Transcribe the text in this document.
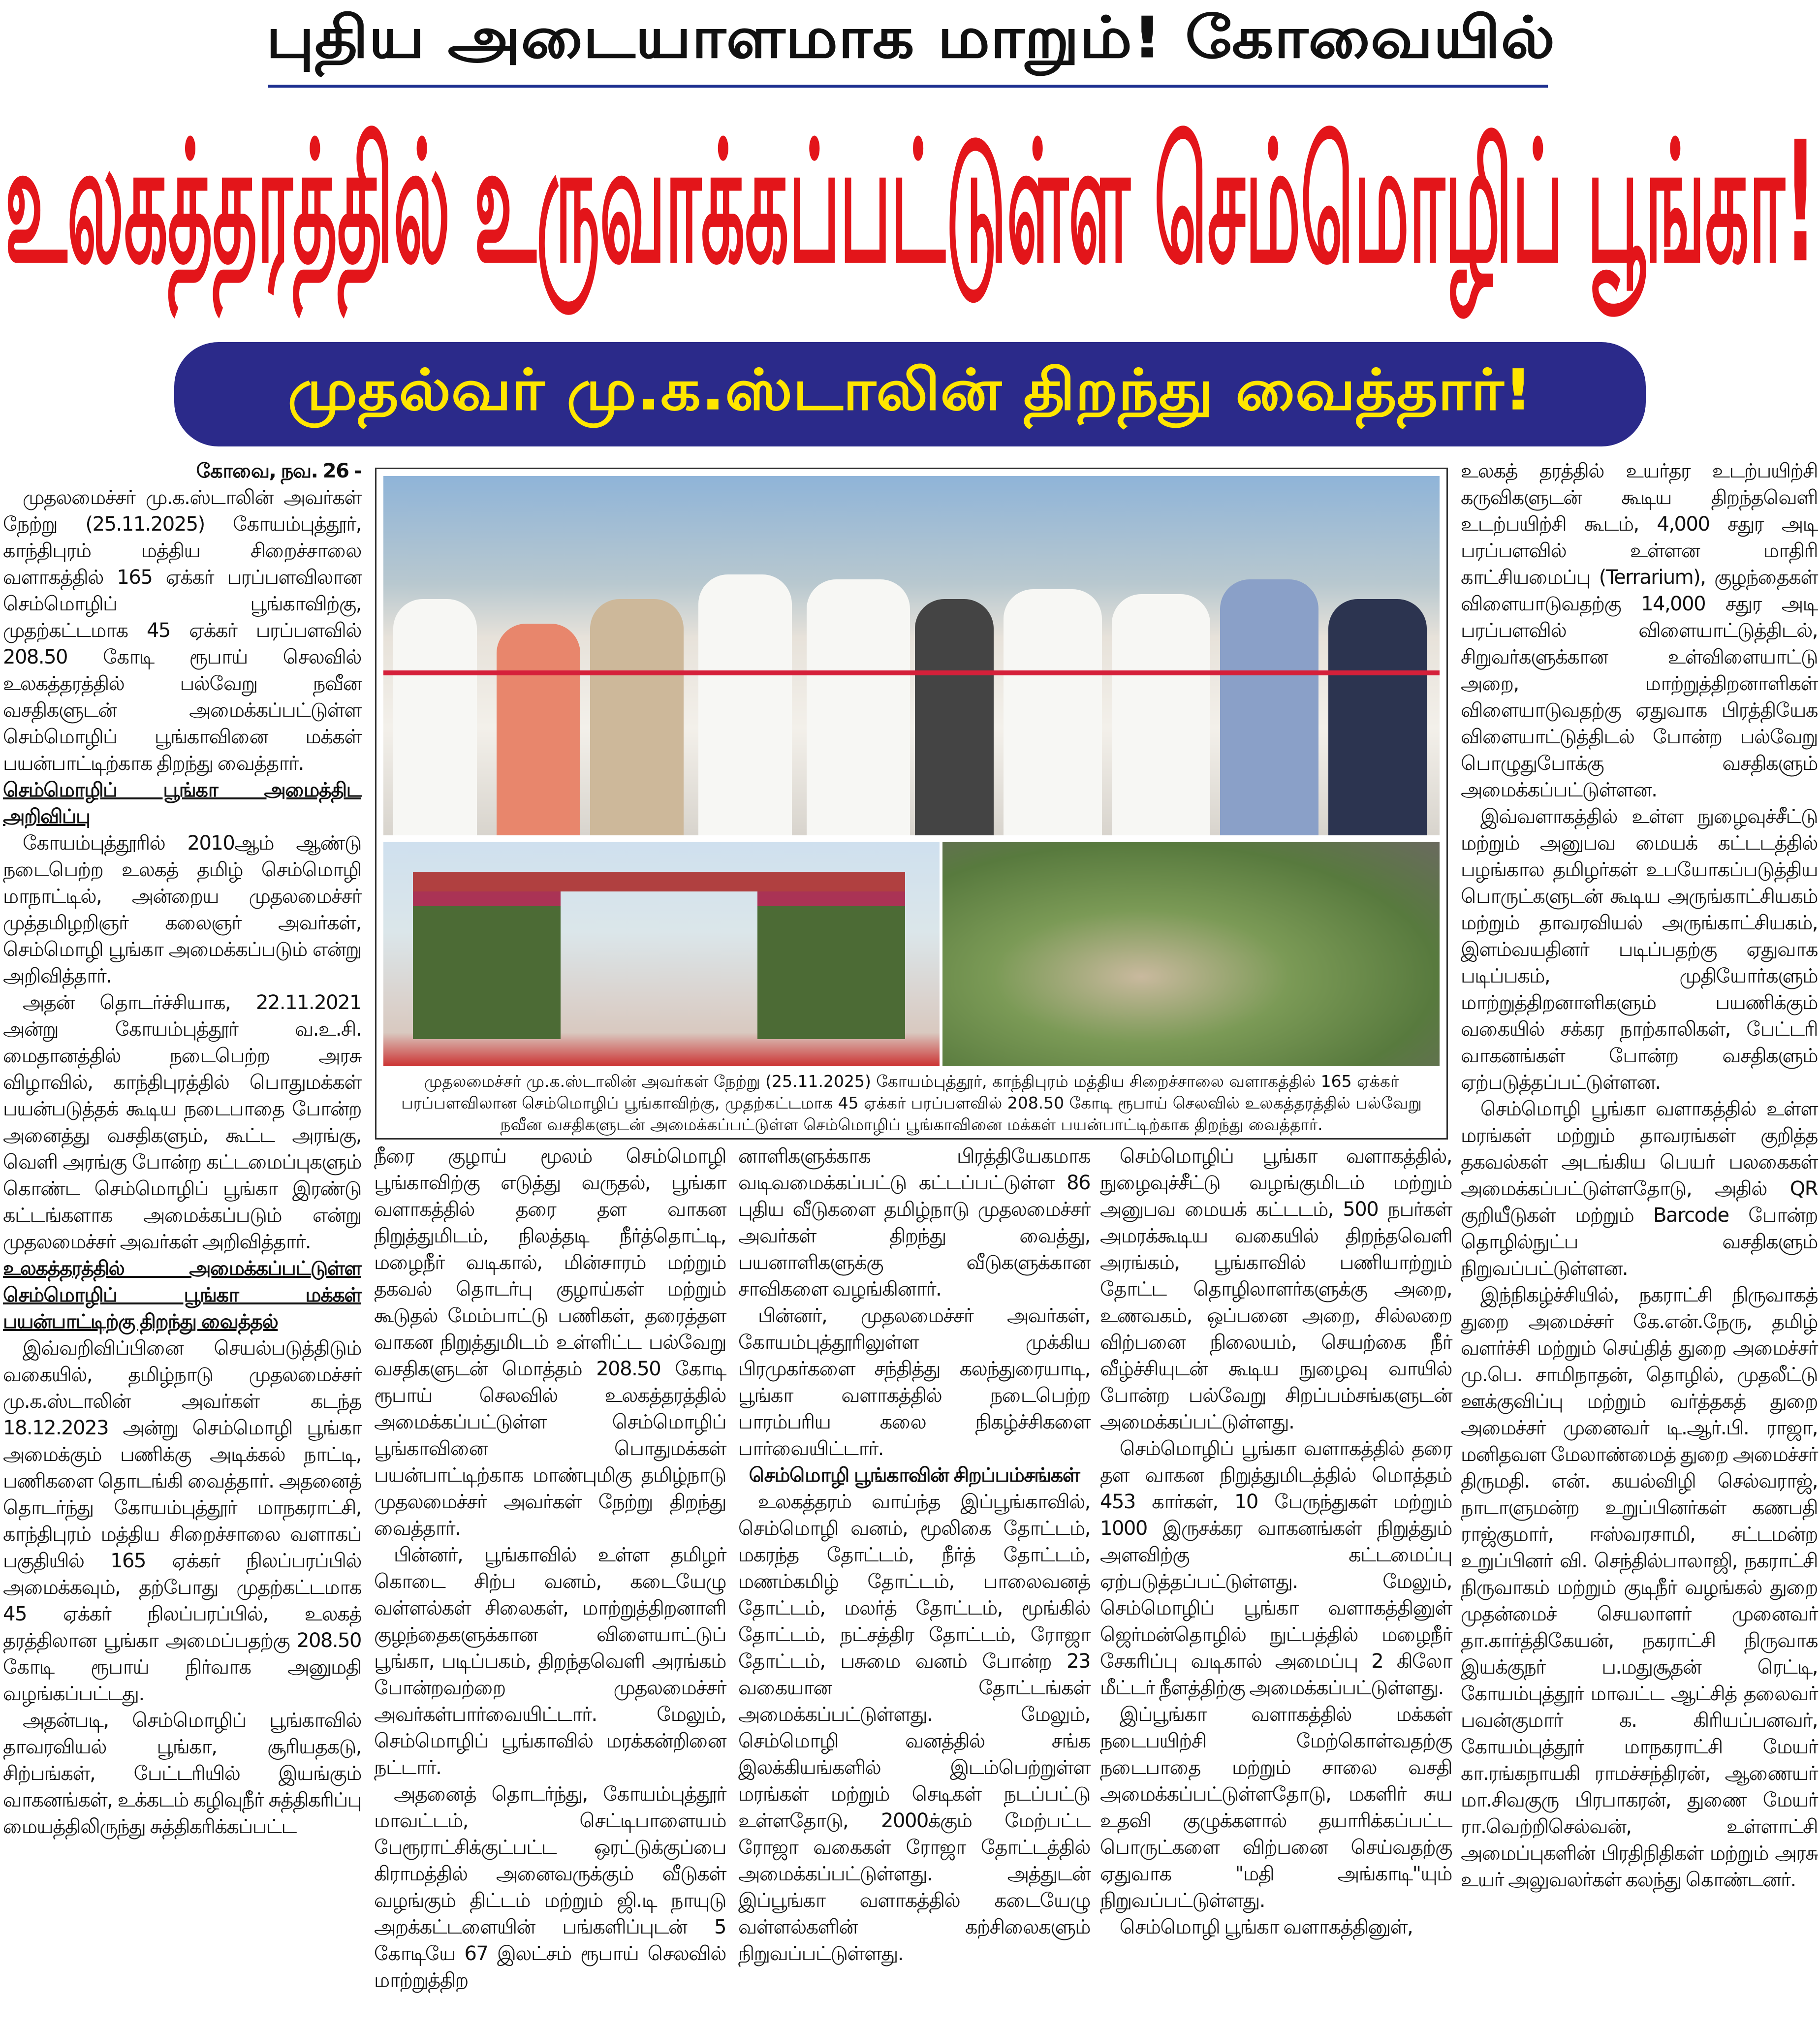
புதிய அடையாளமாக மாறும்! கோவையில்
உலகத்தரத்தில் உருவாக்கப்பட்டுள்ள செம்மொழிப் பூங்கா!
முதல்வர் மு.க.ஸ்டாலின் திறந்து வைத்தார்!
கோவை, நவ. 26 -

முதலமைச்சர் மு.க.ஸ்டாலின் அவர்கள் நேற்று (25.11.2025) கோயம்புத்தூர், காந்திபுரம் மத்திய சிறைச்சாலை வளாகத்தில் 165 ஏக்கர் பரப்பளவிலான செம்மொழிப் பூங்காவிற்கு, முதற்கட்டமாக 45 ஏக்கர் பரப்பளவில் 208.50 கோடி ரூபாய் செலவில் உலகத்தரத்தில் பல்வேறு நவீன வசதிகளுடன் அமைக்கப்பட்டுள்ள செம்மொழிப் பூங்காவினை மக்கள் பயன்பாட்டிற்காக திறந்து வைத்தார்.

செம்மொழிப் பூங்கா அமைத்திட அறிவிப்பு

கோயம்புத்தூரில் 2010ஆம் ஆண்டு நடைபெற்ற உலகத் தமிழ் செம்மொழி மாநாட்டில், அன்றைய முதலமைச்சர் முத்தமிழறிஞர் கலைஞர் அவர்கள், செம்மொழி பூங்கா அமைக்கப்படும் என்று அறிவித்தார்.

அதன் தொடர்ச்சியாக, 22.11.2021 அன்று கோயம்புத்தூர் வ.உ.சி. மைதானத்தில் நடைபெற்ற அரசு விழாவில், காந்திபுரத்தில் பொதுமக்கள் பயன்படுத்தக் கூடிய நடைபாதை போன்ற அனைத்து வசதிகளும், கூட்ட அரங்கு, வெளி அரங்கு போன்ற கட்டமைப்புகளும் கொண்ட செம்மொழிப் பூங்கா இரண்டு கட்டங்களாக அமைக்கப்படும் என்று முதலமைச்சர் அவர்கள் அறிவித்தார்.

உலகத்தரத்தில் அமைக்கப்பட்டுள்ள செம்மொழிப் பூங்கா மக்கள் பயன்பாட்டிற்கு திறந்து வைத்தல்

இவ்வறிவிப்பினை செயல்படுத்திடும் வகையில், தமிழ்நாடு முதலமைச்சர் மு.க.ஸ்டாலின் அவர்கள் கடந்த 18.12.2023 அன்று செம்மொழி பூங்கா அமைக்கும் பணிக்கு அடிக்கல் நாட்டி, பணிகளை தொடங்கி வைத்தார். அதனைத் தொடர்ந்து கோயம்புத்தூர் மாநகராட்சி, காந்திபுரம் மத்திய சிறைச்சாலை வளாகப் பகுதியில் 165 ஏக்கர் நிலப்பரப்பில் அமைக்கவும், தற்போது முதற்கட்டமாக 45 ஏக்கர் நிலப்பரப்பில், உலகத் தரத்திலான பூங்கா அமைப்பதற்கு 208.50 கோடி ரூபாய் நிர்வாக அனுமதி வழங்கப்பட்டது.

அதன்படி, செம்மொழிப் பூங்காவில் தாவரவியல் பூங்கா, சூரியதகடு, சிற்பங்கள், பேட்டரியில் இயங்கும் வாகனங்கள், உக்கடம் கழிவுநீர் சுத்திகரிப்பு மையத்திலிருந்து சுத்திகரிக்கப்பட்ட

முதலமைச்சர் மு.க.ஸ்டாலின் அவர்கள் நேற்று (25.11.2025) கோயம்புத்தூர், காந்திபுரம் மத்திய சிறைச்சாலை வளாகத்தில் 165 ஏக்கர் பரப்பளவிலான செம்மொழிப் பூங்காவிற்கு, முதற்கட்டமாக 45 ஏக்கர் பரப்பளவில் 208.50 கோடி ரூபாய் செலவில் உலகத்தரத்தில் பல்வேறு நவீன வசதிகளுடன் அமைக்கப்பட்டுள்ள செம்மொழிப் பூங்காவினை மக்கள் பயன்பாட்டிற்காக திறந்து வைத்தார்.

நீரை குழாய் மூலம் செம்மொழி பூங்காவிற்கு எடுத்து வருதல், பூங்கா வளாகத்தில் தரை தள வாகன நிறுத்துமிடம், நிலத்தடி நீர்த்தொட்டி, மழைநீர் வடிகால், மின்சாரம் மற்றும் தகவல் தொடர்பு குழாய்கள் மற்றும் கூடுதல் மேம்பாட்டு பணிகள், தரைத்தள வாகன நிறுத்துமிடம் உள்ளிட்ட பல்வேறு வசதிகளுடன் மொத்தம் 208.50 கோடி ரூபாய் செலவில் உலகத்தரத்தில் அமைக்கப்பட்டுள்ள செம்மொழிப் பூங்காவினை பொதுமக்கள் பயன்பாட்டிற்காக மாண்புமிகு தமிழ்நாடு முதலமைச்சர் அவர்கள் நேற்று திறந்து வைத்தார்.

பின்னர், பூங்காவில் உள்ள தமிழர் கொடை சிற்ப வனம், கடையேழு வள்ளல்கள் சிலைகள், மாற்றுத்திறனாளி குழந்தைகளுக்கான விளையாட்டுப் பூங்கா, படிப்பகம், திறந்தவெளி அரங்கம் போன்றவற்றை முதலமைச்சர் அவர்கள்பார்வையிட்டார். மேலும், செம்மொழிப் பூங்காவில் மரக்கன்றினை நட்டார்.

அதனைத் தொடர்ந்து, கோயம்புத்தூர் மாவட்டம், செட்டிபாளையம் பேரூராட்சிக்குட்பட்ட ஒரட்டுக்குப்பை கிராமத்தில் அனைவருக்கும் வீடுகள் வழங்கும் திட்டம் மற்றும் ஜி.டி நாயுடு அறக்கட்டளையின் பங்களிப்புடன் 5 கோடியே 67 இலட்சம் ரூபாய் செலவில் மாற்றுத்திற

னாளிகளுக்காக பிரத்தியேகமாக வடிவமைக்கப்பட்டு கட்டப்பட்டுள்ள 86 புதிய வீடுகளை தமிழ்நாடு முதலமைச்சர் அவர்கள் திறந்து வைத்து, பயனாளிகளுக்கு வீடுகளுக்கான சாவிகளை வழங்கினார்.

பின்னர், முதலமைச்சர் அவர்கள், கோயம்புத்தூரிலுள்ள முக்கிய பிரமுகர்களை சந்தித்து கலந்துரையாடி, பூங்கா வளாகத்தில் நடைபெற்ற பாரம்பரிய கலை நிகழ்ச்சிகளை பார்வையிட்டார்.

செம்மொழி பூங்காவின் சிறப்பம்சங்கள்

உலகத்தரம் வாய்ந்த இப்பூங்காவில், செம்மொழி வனம், மூலிகை தோட்டம், மகரந்த தோட்டம், நீர்த் தோட்டம், மணம்கமிழ் தோட்டம், பாலைவனத் தோட்டம், மலர்த் தோட்டம், மூங்கில் தோட்டம், நட்சத்திர தோட்டம், ரோஜா தோட்டம், பசுமை வனம் போன்ற 23 வகையான தோட்டங்கள் அமைக்கப்பட்டுள்ளது. மேலும், செம்மொழி வனத்தில் சங்க இலக்கியங்களில் இடம்பெற்றுள்ள மரங்கள் மற்றும் செடிகள் நடப்பட்டு உள்ளதோடு, 2000க்கும் மேற்பட்ட ரோஜா வகைகள் ரோஜா தோட்டத்தில் அமைக்கப்பட்டுள்ளது. அத்துடன் இப்பூங்கா வளாகத்தில் கடையேழு வள்ளல்களின் கற்சிலைகளும் நிறுவப்பட்டுள்ளது.

செம்மொழிப் பூங்கா வளாகத்தில், நுழைவுச்சீட்டு வழங்குமிடம் மற்றும் அனுபவ மையக் கட்டடம், 500 நபர்கள் அமரக்கூடிய வகையில் திறந்தவெளி அரங்கம், பூங்காவில் பணியாற்றும் தோட்ட தொழிலாளர்களுக்கு அறை, உணவகம், ஒப்பனை அறை, சில்லறை விற்பனை நிலையம், செயற்கை நீர் வீழ்ச்சியுடன் கூடிய நுழைவு வாயில் போன்ற பல்வேறு சிறப்பம்சங்களுடன் அமைக்கப்பட்டுள்ளது.

செம்மொழிப் பூங்கா வளாகத்தில் தரை தள வாகன நிறுத்துமிடத்தில் மொத்தம் 453 கார்கள், 10 பேருந்துகள் மற்றும் 1000 இருசக்கர வாகனங்கள் நிறுத்தும் அளவிற்கு கட்டமைப்பு ஏற்படுத்தப்பட்டுள்ளது. மேலும், செம்மொழிப் பூங்கா வளாகத்தினுள் ஜெர்மன்தொழில் நுட்பத்தில் மழைநீர் சேகரிப்பு வடிகால் அமைப்பு 2 கிலோ மீட்டர் நீளத்திற்கு அமைக்கப்பட்டுள்ளது.

இப்பூங்கா வளாகத்தில் மக்கள் நடைபயிற்சி மேற்கொள்வதற்கு நடைபாதை மற்றும் சாலை வசதி அமைக்கப்பட்டுள்ளதோடு, மகளிர் சுய உதவி குழுக்களால் தயாரிக்கப்பட்ட பொருட்களை விற்பனை செய்வதற்கு ஏதுவாக "மதி அங்காடி"யும் நிறுவப்பட்டுள்ளது.

செம்மொழி பூங்கா வளாகத்தினுள்,

உலகத் தரத்தில் உயர்தர உடற்பயிற்சி கருவிகளுடன் கூடிய திறந்தவெளி உடற்பயிற்சி கூடம், 4,000 சதுர அடி பரப்பளவில் உள்ளன மாதிரி காட்சியமைப்பு (Terrarium), குழந்தைகள் விளையாடுவதற்கு 14,000 சதுர அடி பரப்பளவில் விளையாட்டுத்திடல், சிறுவர்களுக்கான உள்விளையாட்டு அறை, மாற்றுத்திறனாளிகள் விளையாடுவதற்கு ஏதுவாக பிரத்தியேக விளையாட்டுத்திடல் போன்ற பல்வேறு பொழுதுபோக்கு வசதிகளும் அமைக்கப்பட்டுள்ளன.

இவ்வளாகத்தில் உள்ள நுழைவுச்சீட்டு மற்றும் அனுபவ மையக் கட்டடத்தில் பழங்கால தமிழர்கள் உபயோகப்படுத்திய பொருட்களுடன் கூடிய அருங்காட்சியகம் மற்றும் தாவரவியல் அருங்காட்சியகம், இளம்வயதினர் படிப்பதற்கு ஏதுவாக படிப்பகம், முதியோர்களும் மாற்றுத்திறனாளிகளும் பயணிக்கும் வகையில் சக்கர நாற்காலிகள், பேட்டரி வாகனங்கள் போன்ற வசதிகளும் ஏற்படுத்தப்பட்டுள்ளன.

செம்மொழி பூங்கா வளாகத்தில் உள்ள மரங்கள் மற்றும் தாவரங்கள் குறித்த தகவல்கள் அடங்கிய பெயர் பலகைகள் அமைக்கப்பட்டுள்ளதோடு, அதில் QR குறியீடுகள் மற்றும் Barcode போன்ற தொழில்நுட்ப வசதிகளும் நிறுவப்பட்டுள்ளன.

இந்நிகழ்ச்சியில், நகராட்சி நிருவாகத் துறை அமைச்சர் கே.என்.நேரு, தமிழ் வளர்ச்சி மற்றும் செய்தித் துறை அமைச்சர் மு.பெ. சாமிநாதன், தொழில், முதலீட்டு ஊக்குவிப்பு மற்றும் வர்த்தகத் துறை அமைச்சர் முனைவர் டி.ஆர்.பி. ராஜா, மனிதவள மேலாண்மைத் துறை அமைச்சர் திருமதி. என். கயல்விழி செல்வராஜ், நாடாளுமன்ற உறுப்பினர்கள் கணபதி ராஜ்குமார், ஈஸ்வரசாமி, சட்டமன்ற உறுப்பினர் வி. செந்தில்பாலாஜி, நகராட்சி நிருவாகம் மற்றும் குடிநீர் வழங்கல் துறை முதன்மைச் செயலாளர் முனைவர் தா.கார்த்திகேயன், நகராட்சி நிருவாக இயக்குநர் ப.மதுசூதன் ரெட்டி, கோயம்புத்தூர் மாவட்ட ஆட்சித் தலைவர் பவன்குமார் க. கிரியப்பனவர், கோயம்புத்தூர் மாநகராட்சி மேயர் கா.ரங்கநாயகி ராமச்சந்திரன், ஆணையர் மா.சிவகுரு பிரபாகரன், துணை மேயர் ரா.வெற்றிசெல்வன், உள்ளாட்சி அமைப்புகளின் பிரதிநிதிகள் மற்றும் அரசு உயர் அலுவலர்கள் கலந்து கொண்டனர்.
